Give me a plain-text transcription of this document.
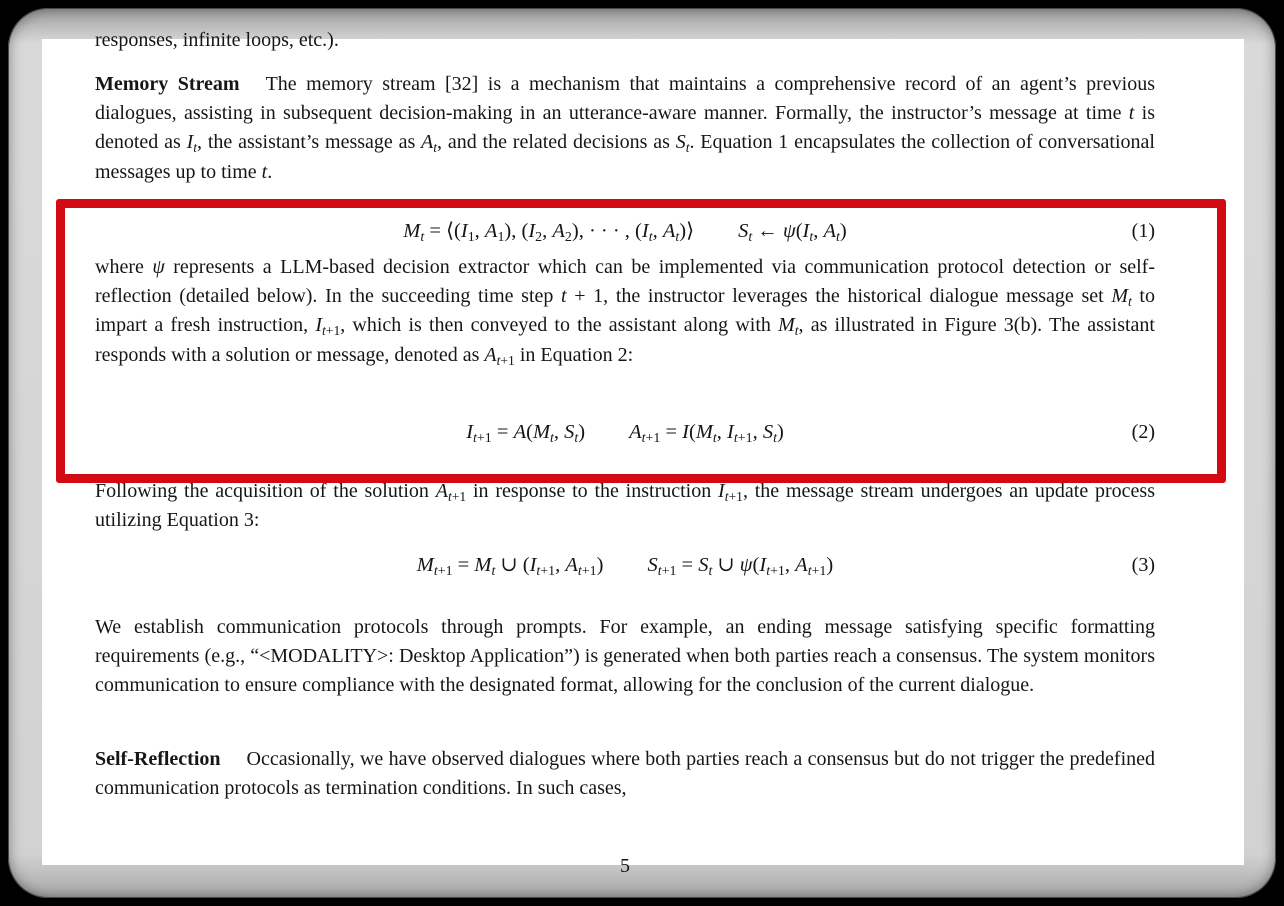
responses, infinite loops, etc.).
Memory Stream The memory stream [32] is a mechanism that maintains a comprehensive record of an agent’s previous dialogues, assisting in subsequent decision-making in an utterance-aware manner. Formally, the instructor’s message at time t is denoted as $I_t$, the assistant’s message as $A_t$, and the related decisions as $S_t$. Equation 1 encapsulates the collection of conversational messages up to time t.
$M_t$ = $⟨(I_1$, $A_1$), ($I_2$, $A_2$), · · · , ($I_t$, $A_t)⟩$ $S_t$ ← $\psi(I_t$, $A_t$)	(1)
where ψ represents a LLM-based decision extractor which can be implemented via communication protocol detection or self-reflection (detailed below). In the succeeding time step t + 1, the instructor leverages the historical dialogue message set $M_t$ to impart a fresh instruction, $I_{t+1}$, which is then conveyed to the assistant along with $M_t$, as illustrated in Figure 3(b). The assistant responds with a solution or message, denoted as $A_{t+1}$ in Equation 2:
$I_{t+1} = A(M_t$, $S_t$) $A_{t+1} = I(M_t$, $I_{t+1}$, $S_t$)	(2)
Following the acquisition of the solution $A_{t+1}$ in response to the instruction $I_{t+1}$, the message stream undergoes an update process utilizing Equation 3:
$M_{t+1} = M_t$ ∪ ($I_{t+1}$, $A_{t+1}$) $S_{t+1} = S_t$ ∪ $\psi(I_{t+1}$, $A_{t+1}$)	(3)
We establish communication protocols through prompts. For example, an ending message satisfying specific formatting requirements (e.g., “<MODALITY>: Desktop Application”) is generated when both parties reach a consensus. The system monitors communication to ensure compliance with the designated format, allowing for the conclusion of the current dialogue.
Self-Reflection Occasionally, we have observed dialogues where both parties reach a consensus but do not trigger the predefined communication protocols as termination conditions. In such cases,
5
